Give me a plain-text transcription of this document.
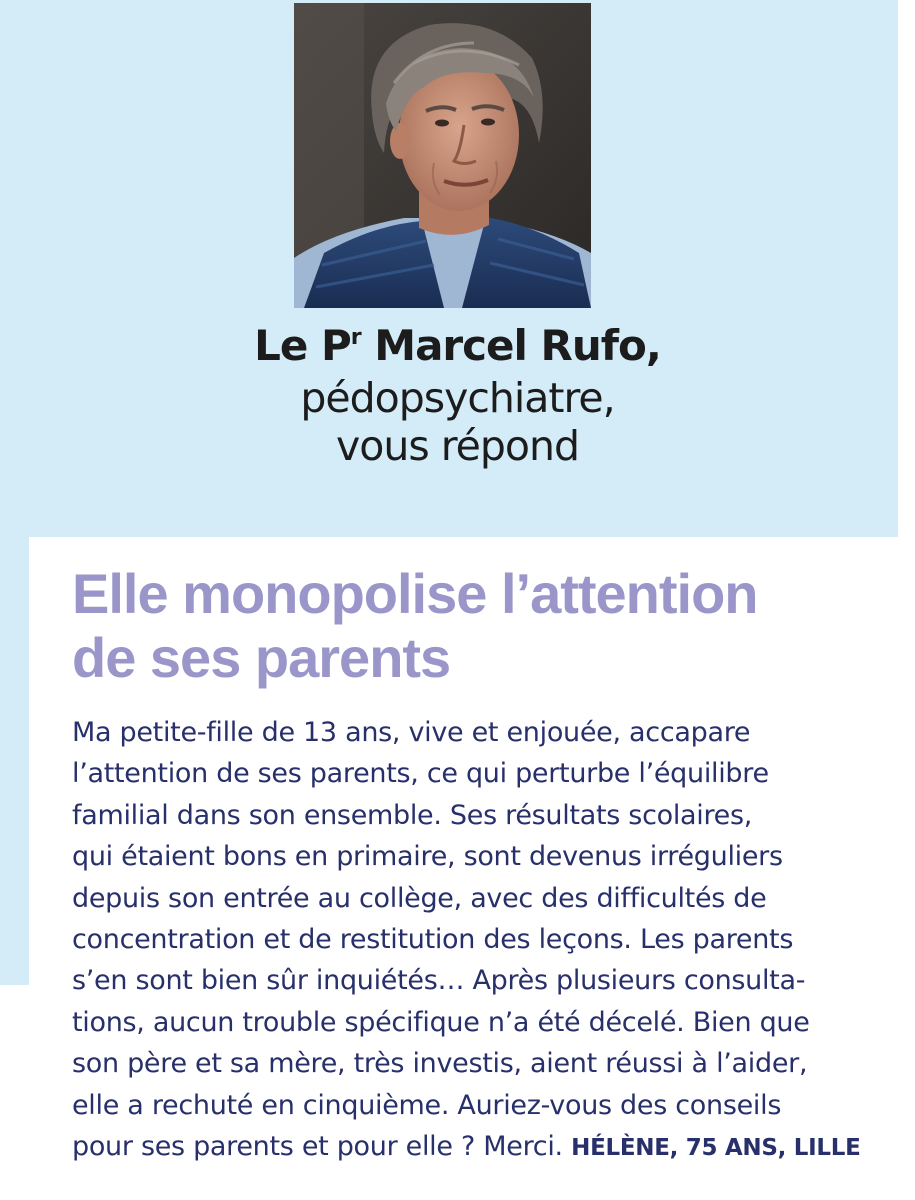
Le $P^r$ Marcel Rufo,
pédopsychiatre,
vous répond
Elle monopolise l’attention
de ses parents

Ma petite-fille de 13 ans, vive et enjouée, accapare
l’attention de ses parents, ce qui perturbe l’équilibre
familial dans son ensemble. Ses résultats scolaires,
qui étaient bons en primaire, sont devenus irréguliers
depuis son entrée au collège, avec des difficultés de
concentration et de restitution des leçons. Les parents
s’en sont bien sûr inquiétés… Après plusieurs consulta-
tions, aucun trouble spécifique n’a été décelé. Bien que
son père et sa mère, très investis, aient réussi à l’aider,
elle a rechuté en cinquième. Auriez-vous des conseils
pour ses parents et pour elle ? Merci. HÉLÈNE, 75 ANS, LILLE
